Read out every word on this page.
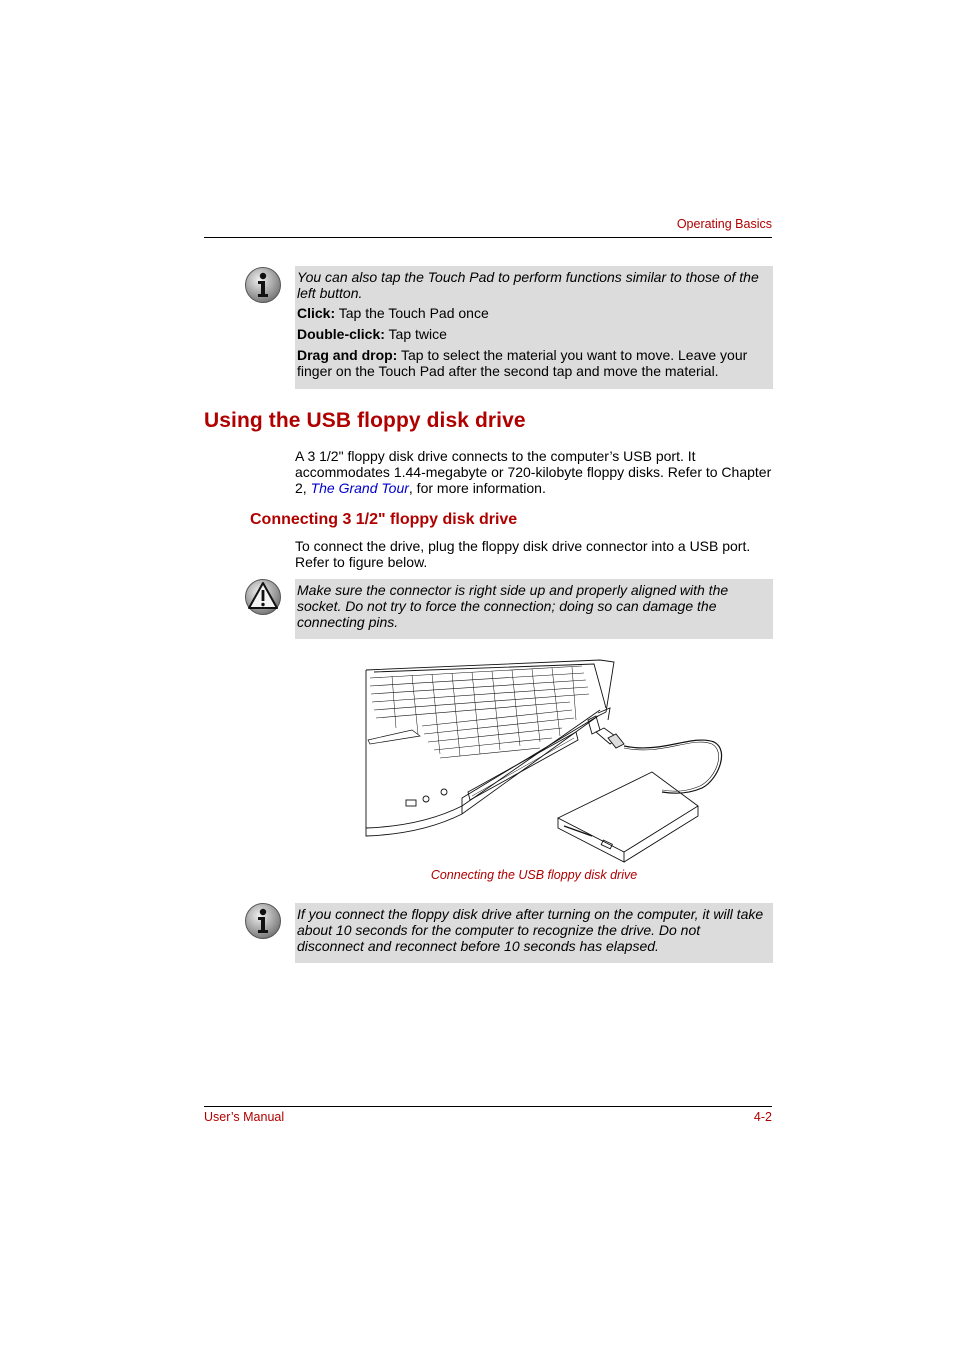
Operating Basics

You can also tap the Touch Pad to perform functions similar to those of the left button.

Click: Tap the Touch Pad once

Double-click: Tap twice

Drag and drop: Tap to select the material you want to move. Leave your finger on the Touch Pad after the second tap and move the material.

Using the USB floppy disk drive

A 3 1/2" floppy disk drive connects to the computer’s USB port. It accommodates 1.44-megabyte or 720-kilobyte floppy disks. Refer to Chapter 2, The Grand Tour, for more information.

Connecting 3 1/2" floppy disk drive

To connect the drive, plug the floppy disk drive connector into a USB port. Refer to figure below.

Make sure the connector is right side up and properly aligned with the socket. Do not try to force the connection; doing so can damage the connecting pins.

Connecting the USB floppy disk drive

If you connect the floppy disk drive after turning on the computer, it will take about 10 seconds for the computer to recognize the drive. Do not disconnect and reconnect before 10 seconds has elapsed.

User’s Manual	4-2
